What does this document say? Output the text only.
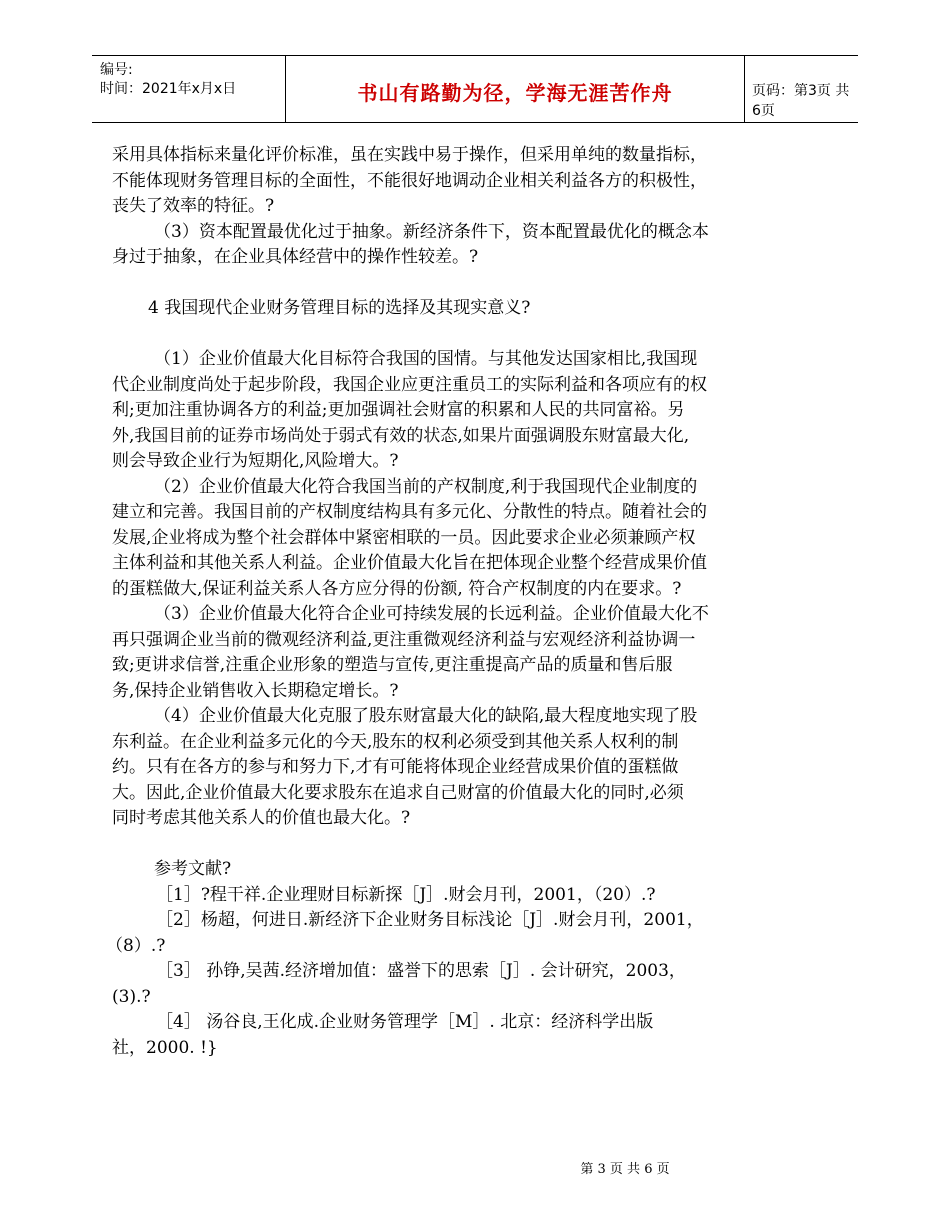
编号:
时间：2021年x月x日	书山有路勤为径，学海无涯苦作舟	页码：第3页 共6页
采用具体指标来量化评价标准，虽在实践中易于操作，但采用单纯的数量指标，
不能体现财务管理目标的全面性，不能很好地调动企业相关利益各方的积极性，
丧失了效率的特征。?
（3）资本配置最优化过于抽象。新经济条件下，资本配置最优化的概念本
身过于抽象，在企业具体经营中的操作性较差。?
4 我国现代企业财务管理目标的选择及其现实意义?
（1）企业价值最大化目标符合我国的国情。与其他发达国家相比,我国现
代企业制度尚处于起步阶段，我国企业应更注重员工的实际利益和各项应有的权
利;更加注重协调各方的利益;更加强调社会财富的积累和人民的共同富裕。另
外,我国目前的证券市场尚处于弱式有效的状态,如果片面强调股东财富最大化,
则会导致企业行为短期化,风险增大。?
（2）企业价值最大化符合我国当前的产权制度,利于我国现代企业制度的
建立和完善。我国目前的产权制度结构具有多元化、分散性的特点。随着社会的
发展,企业将成为整个社会群体中紧密相联的一员。因此要求企业必须兼顾产权
主体利益和其他关系人利益。企业价值最大化旨在把体现企业整个经营成果价值
的蛋糕做大,保证利益关系人各方应分得的份额, 符合产权制度的内在要求。?
（3）企业价值最大化符合企业可持续发展的长远利益。企业价值最大化不
再只强调企业当前的微观经济利益,更注重微观经济利益与宏观经济利益协调一
致;更讲求信誉,注重企业形象的塑造与宣传,更注重提高产品的质量和售后服
务,保持企业销售收入长期稳定增长。?
（4）企业价值最大化克服了股东财富最大化的缺陷,最大程度地实现了股
东利益。在企业利益多元化的今天,股东的权利必须受到其他关系人权利的制
约。只有在各方的参与和努力下,才有可能将体现企业经营成果价值的蛋糕做
大。因此,企业价值最大化要求股东在追求自己财富的价值最大化的同时,必须
同时考虑其他关系人的价值也最大化。?
参考文献?
［1］?程干祥.企业理财目标新探［J］.财会月刊，2001，（20）.?
［2］杨超，何进日.新经济下企业财务目标浅论［J］.财会月刊，2001，
（8）.?
［3］ 孙铮,吴茜.经济增加值：盛誉下的思索［J］. 会计研究，2003，
(3).?
［4］ 汤谷良,王化成.企业财务管理学［M］. 北京：经济科学出版
社，2000. !}
第 3 页 共 6 页
